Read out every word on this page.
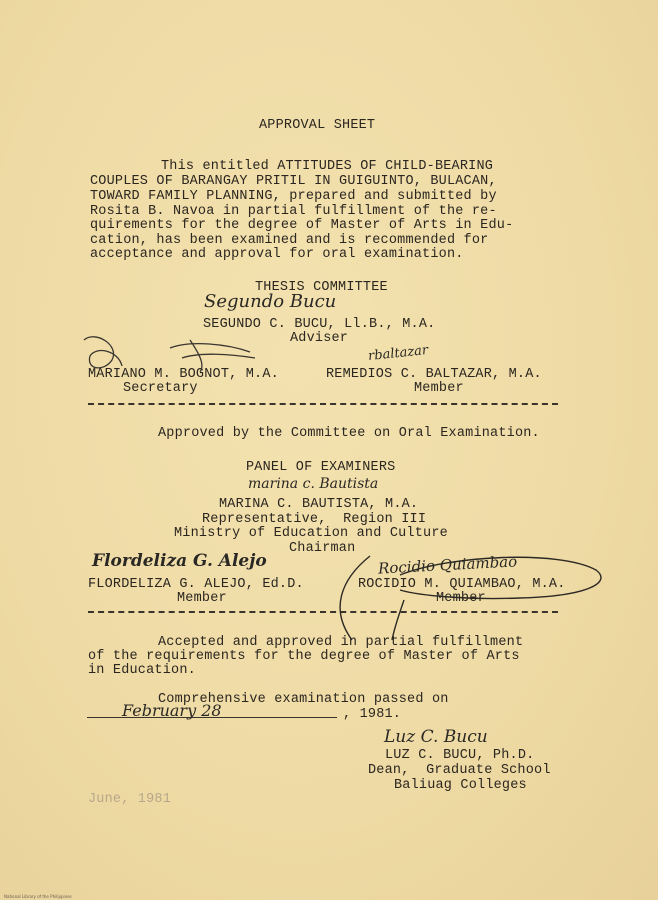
APPROVAL SHEET
This entitled ATTITUDES OF CHILD-BEARING
COUPLES OF BARANGAY PRITIL IN GUIGUINTO, BULACAN,
TOWARD FAMILY PLANNING, prepared and submitted by
Rosita B. Navoa in partial fulfillment of the re-
quirements for the degree of Master of Arts in Edu-
cation, has been examined and is recommended for
acceptance and approval for oral examination.
THESIS COMMITTEE
Segundo Bucu
SEGUNDO C. BUCU, Ll.B., M.A.
Adviser
rbaltazar
MARIANO M. BOGNOT, M.A.
Secretary
REMEDIOS C. BALTAZAR, M.A.
Member
Approved by the Committee on Oral Examination.
PANEL OF EXAMINERS
marina c. Bautista
MARINA C. BAUTISTA, M.A.
Representative,  Region III
Ministry of Education and Culture
Chairman
Flordeliza G. Alejo	Rocidio Quiambao
FLORDELIZA G. ALEJO, Ed.D.
Member
ROCIDIO M. QUIAMBAO, M.A.
Member
Accepted and approved in partial fulfillment
of the requirements for the degree of Master of Arts
in Education.
Comprehensive examination passed on
February 28	, 1981.
Luz C. Bucu
LUZ C. BUCU, Ph.D.
Dean,  Graduate School
Baliuag Colleges
June, 1981
National Library of the Philippines
